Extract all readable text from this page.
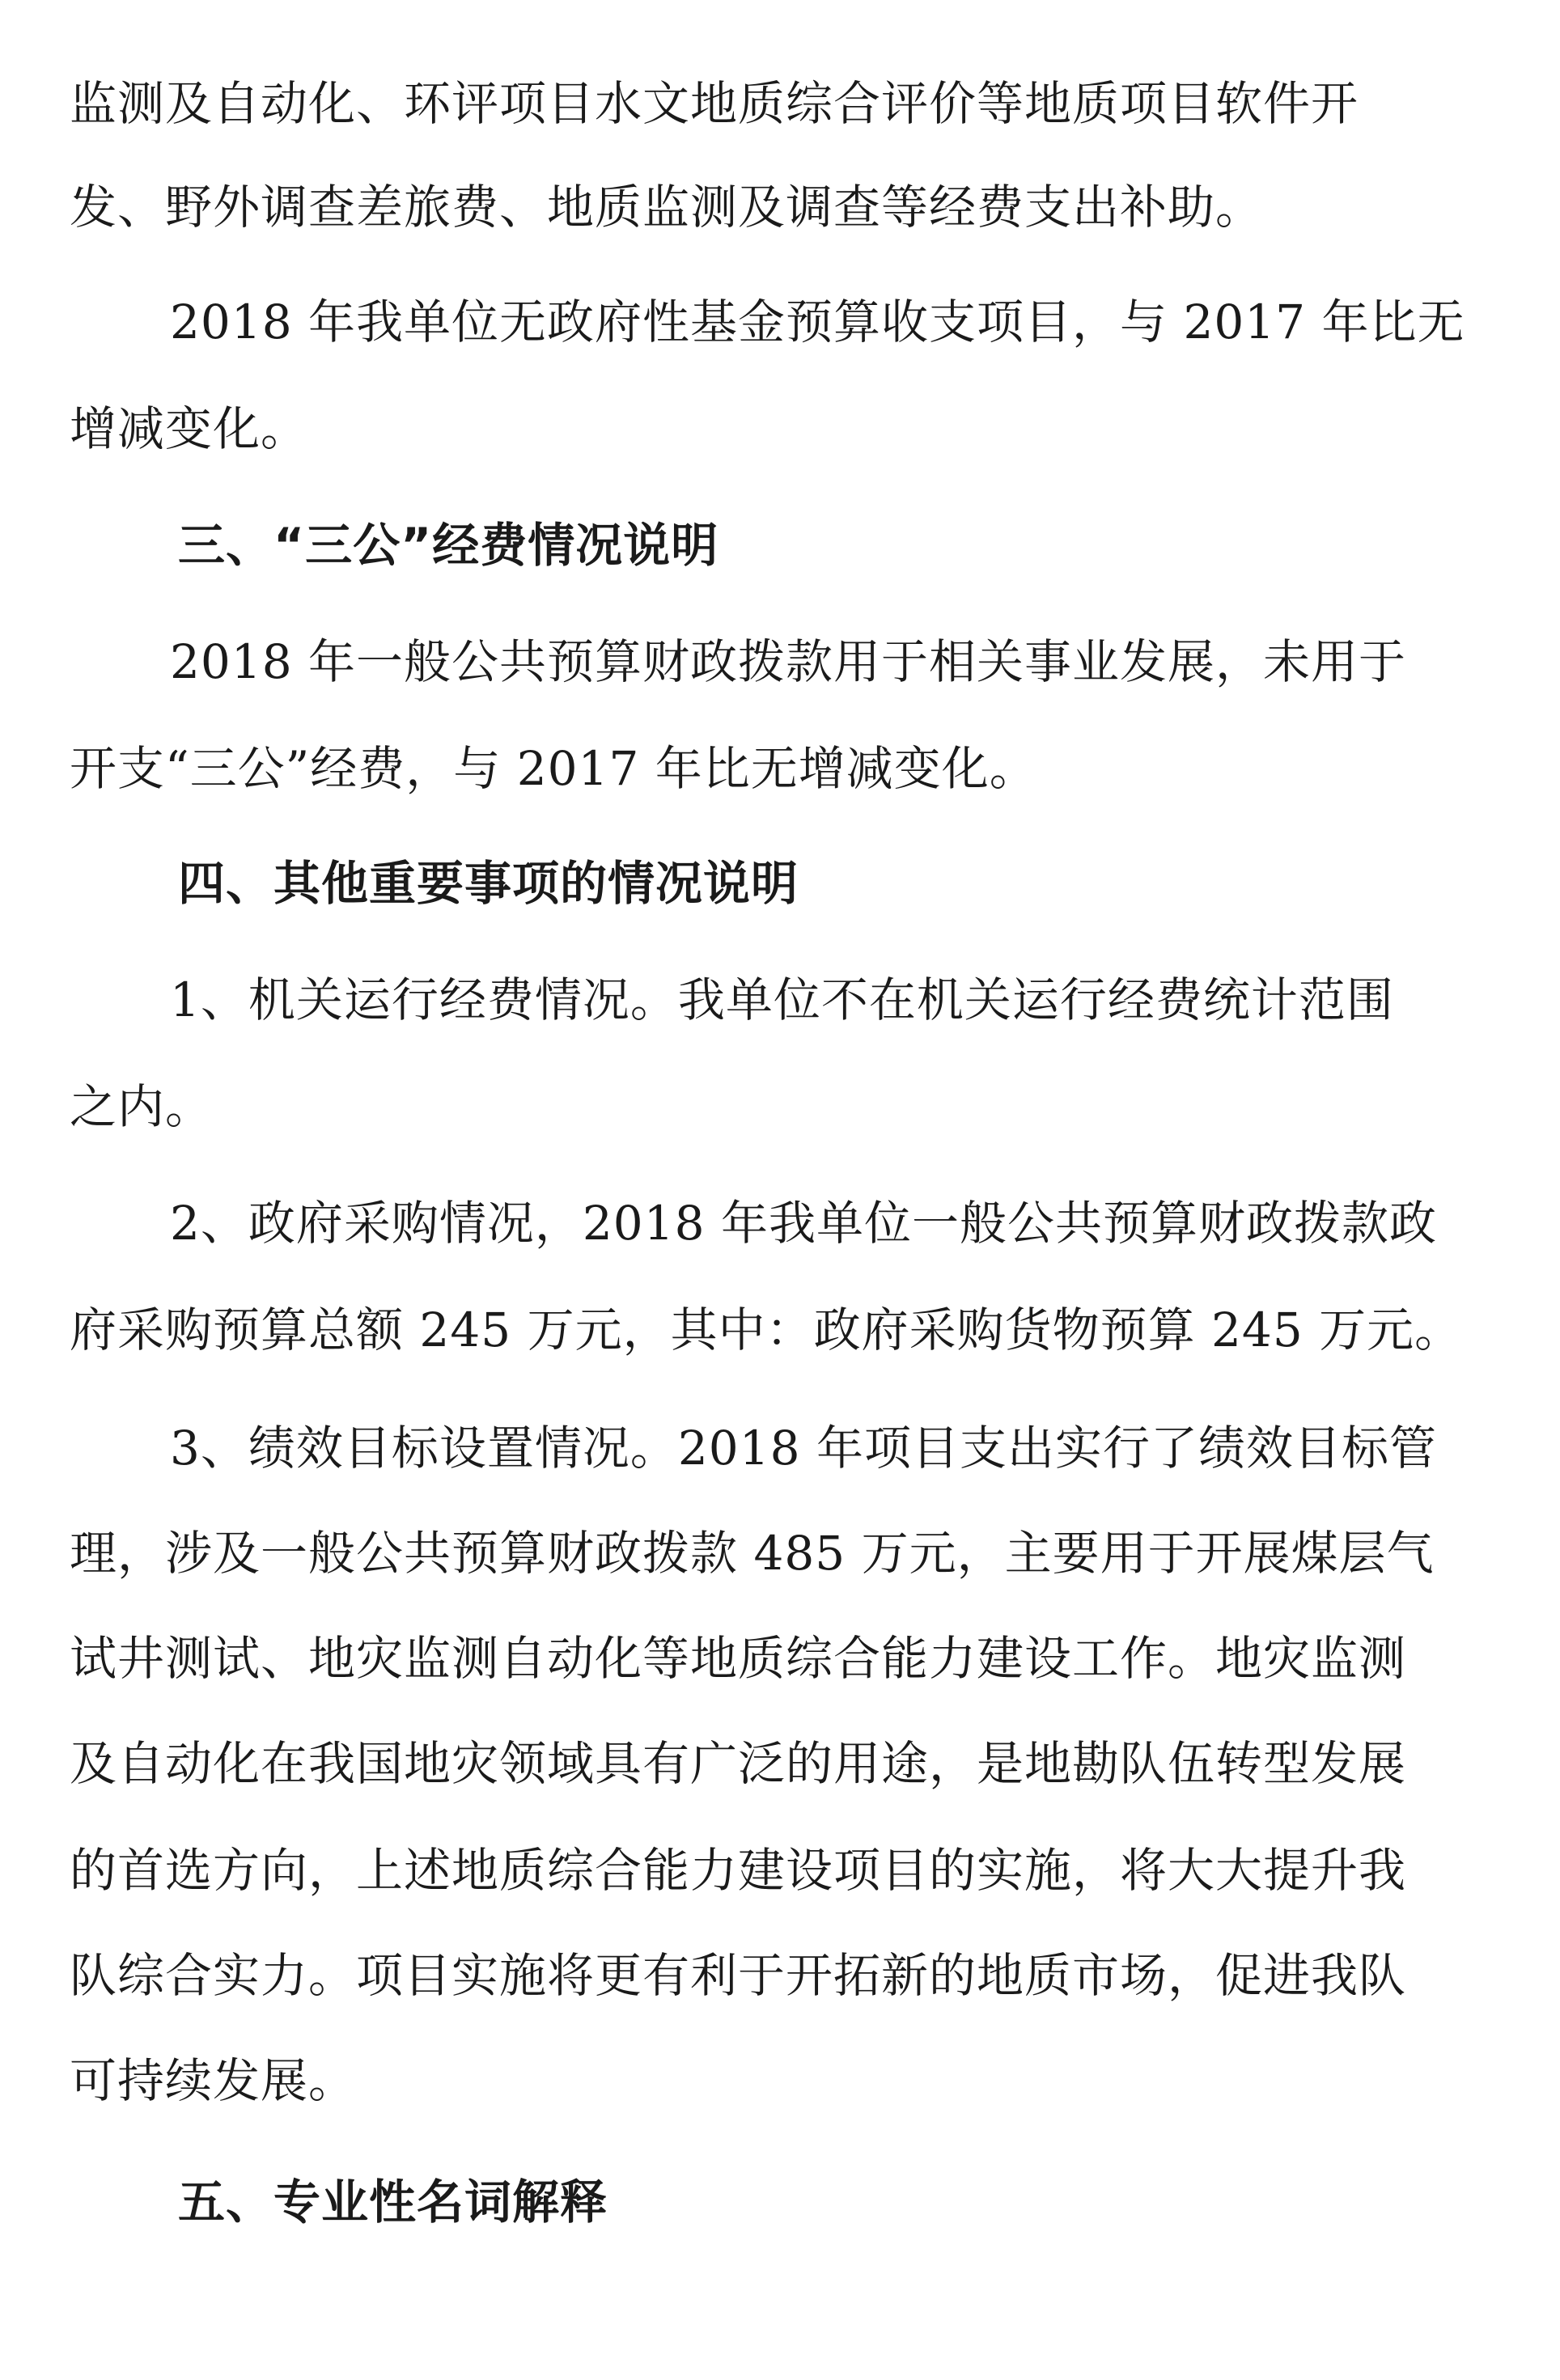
监测及自动化、环评项目水文地质综合评价等地质项目软件开
发、野外调查差旅费、地质监测及调查等经费支出补助。
2018 年我单位无政府性基金预算收支项目，与 2017 年比无
增减变化。
三、“三公”经费情况说明
2018 年一般公共预算财政拨款用于相关事业发展，未用于
开支“三公”经费，与 2017 年比无增减变化。
四、其他重要事项的情况说明
1、机关运行经费情况。我单位不在机关运行经费统计范围
之内。
2、政府采购情况，2018 年我单位一般公共预算财政拨款政
府采购预算总额 245 万元，其中：政府采购货物预算 245 万元。
3、绩效目标设置情况。2018 年项目支出实行了绩效目标管
理，涉及一般公共预算财政拨款 485 万元，主要用于开展煤层气
试井测试、地灾监测自动化等地质综合能力建设工作。地灾监测
及自动化在我国地灾领域具有广泛的用途，是地勘队伍转型发展
的首选方向，上述地质综合能力建设项目的实施，将大大提升我
队综合实力。项目实施将更有利于开拓新的地质市场，促进我队
可持续发展。
五、专业性名词解释
